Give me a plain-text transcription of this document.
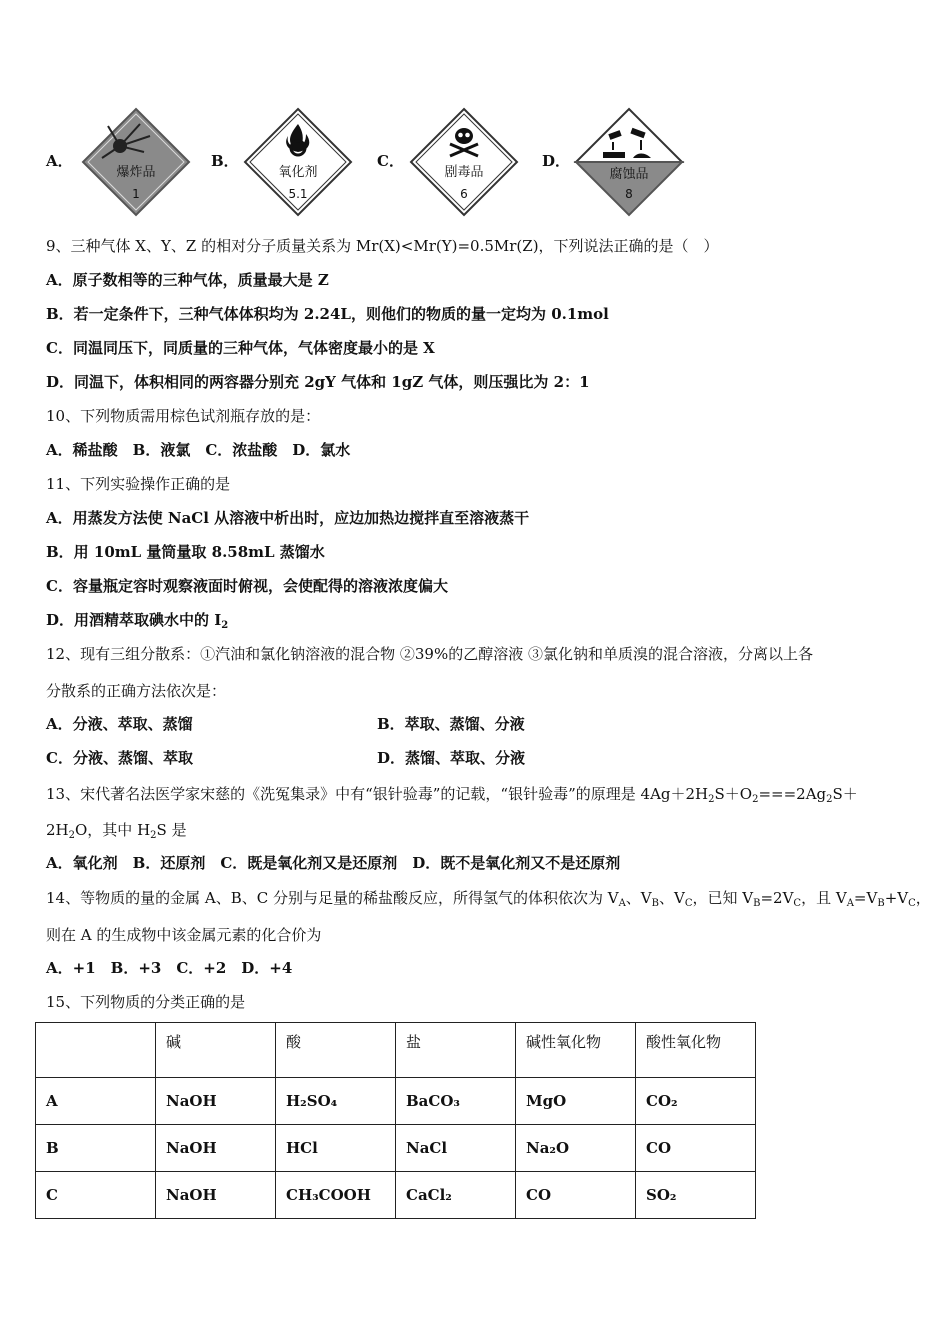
A．
爆炸品
1
B．
氧化剂
5.1
C．
剧毒品
6
D．
腐蚀品
8
9、三种气体 X、Y、Z 的相对分子质量关系为 Mr(X)<Mr(Y)=0.5Mr(Z)，下列说法正确的是（　）
A．原子数相等的三种气体，质量最大是 Z
B．若一定条件下，三种气体体积均为 2.24L，则他们的物质的量一定均为 0.1mol
C．同温同压下，同质量的三种气体，气体密度最小的是 X
D．同温下，体积相同的两容器分别充 2gY 气体和 1gZ 气体，则压强比为 2：1
10、下列物质需用棕色试剂瓶存放的是：
A．稀盐酸　B．液氯　C．浓盐酸　D．氯水
11、下列实验操作正确的是
A．用蒸发方法使 NaCl 从溶液中析出时，应边加热边搅拌直至溶液蒸干
B．用 10mL 量筒量取 8.58mL 蒸馏水
C．容量瓶定容时观察液面时俯视，会使配得的溶液浓度偏大
D．用酒精萃取碘水中的 $I_2$
12、现有三组分散系：①汽油和氯化钠溶液的混合物 ②39%的乙醇溶液 ③氯化钠和单质溴的混合溶液，分离以上各
分散系的正确方法依次是：
A．分液、萃取、蒸馏	B．萃取、蒸馏、分液
C．分液、蒸馏、萃取	D．蒸馏、萃取、分液
13、宋代著名法医学家宋慈的《洗冤集录》中有“银针验毒”的记载，“银针验毒”的原理是 $4Ag+2H_2S+O_2===2Ag_2S+$
$2H_2O$，其中 $H_2S$ 是
A．氧化剂　B．还原剂　C．既是氧化剂又是还原剂　D．既不是氧化剂又不是还原剂
14、等物质的量的金属 A、B、C 分别与足量的稀盐酸反应，所得氢气的体积依次为 $V_A$、$V_B$、$V_C$，已知 $V_B=2V_C$，且 $V_A=V_B+V_C$，
则在 A 的生成物中该金属元素的化合价为
A．+1　B．+3　C．+2　D．+4
15、下列物质的分类正确的是
	碱	酸	盐	碱性氧化物	酸性氧化物
A	NaOH	H₂SO₄	BaCO₃	MgO	CO₂
B	NaOH	HCl	NaCl	Na₂O	CO
C	NaOH	CH₃COOH	CaCl₂	CO	SO₂
